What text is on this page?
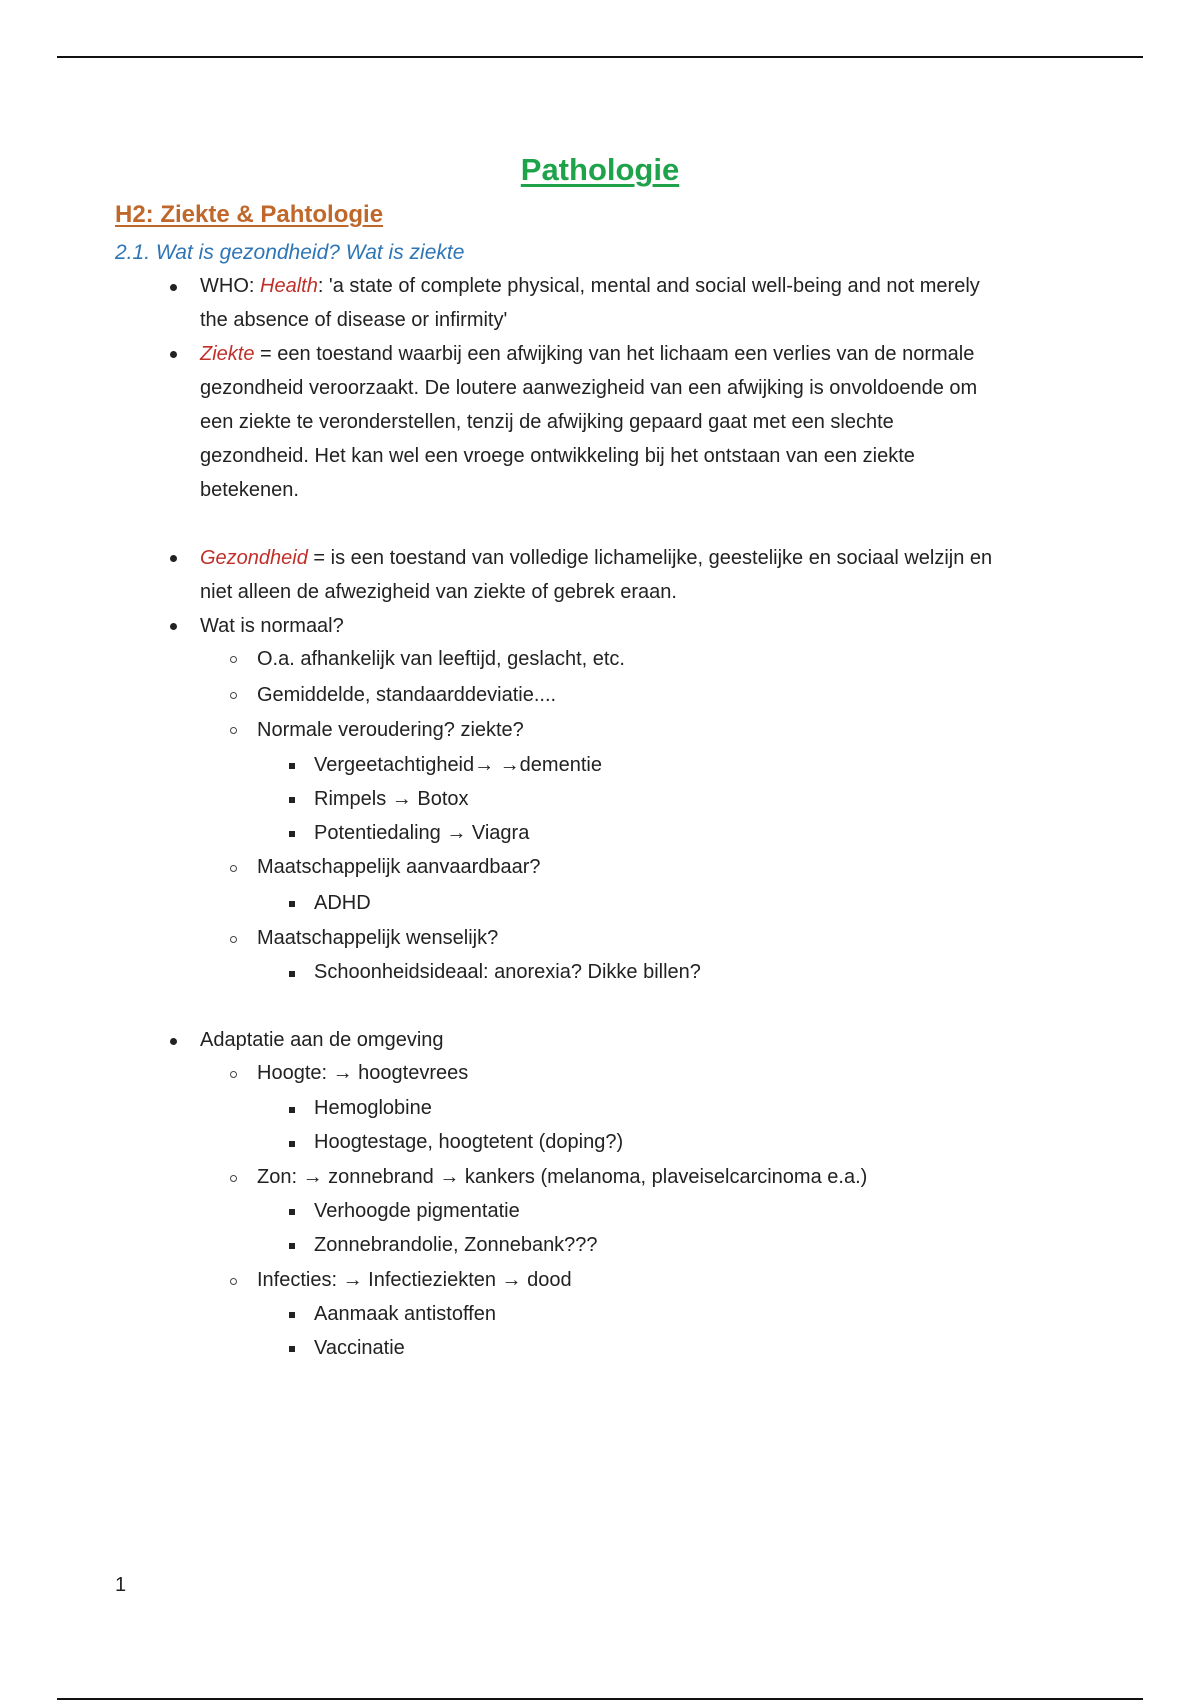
Pathologie
H2: Ziekte & Pahtologie
2.1. Wat is gezondheid? Wat is ziekte
WHO: Health: 'a state of complete physical, mental and social well-being and not merely
the absence of disease or infirmity'
Ziekte = een toestand waarbij een afwijking van het lichaam een verlies van de normale
gezondheid veroorzaakt. De loutere aanwezigheid van een afwijking is onvoldoende om
een ziekte te veronderstellen, tenzij de afwijking gepaard gaat met een slechte
gezondheid. Het kan wel een vroege ontwikkeling bij het ontstaan van een ziekte
betekenen.
Gezondheid = is een toestand van volledige lichamelijke, geestelijke en sociaal welzijn en
niet alleen de afwezigheid van ziekte of gebrek eraan.
Wat is normaal?
O.a. afhankelijk van leeftijd, geslacht, etc.
Gemiddelde, standaarddeviatie....
Normale veroudering? ziekte?
Vergeetachtigheid→ →dementie
Rimpels → Botox
Potentiedaling → Viagra
Maatschappelijk aanvaardbaar?
ADHD
Maatschappelijk wenselijk?
Schoonheidsideaal: anorexia? Dikke billen?
Adaptatie aan de omgeving
Hoogte: → hoogtevrees
Hemoglobine
Hoogtestage, hoogtetent (doping?)
Zon: → zonnebrand → kankers (melanoma, plaveiselcarcinoma e.a.)
Verhoogde pigmentatie
Zonnebrandolie, Zonnebank???
Infecties: → Infectieziekten → dood
Aanmaak antistoffen
Vaccinatie
1
